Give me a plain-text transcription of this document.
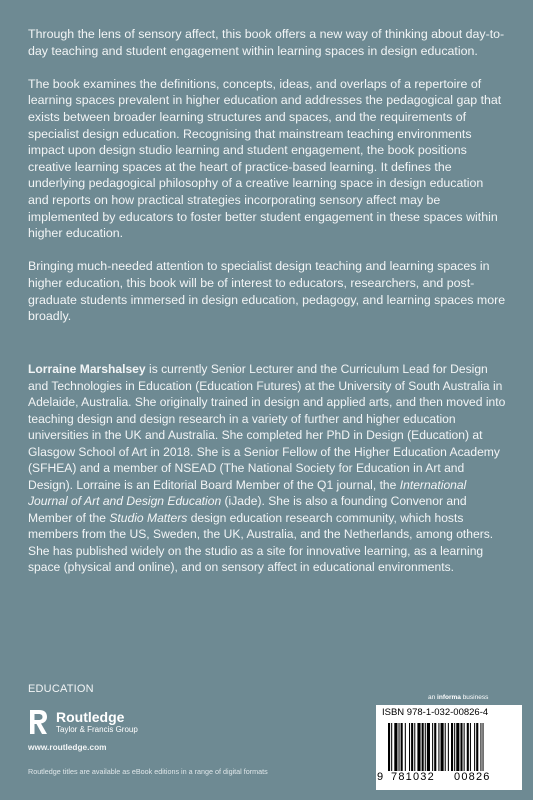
Through the lens of sensory affect, this book offers a new way of thinking about day-to-day teaching and student engagement within learning spaces in design education.

The book examines the definitions, concepts, ideas, and overlaps of a repertoire of learning spaces prevalent in higher education and addresses the pedagogical gap that exists between broader learning structures and spaces, and the requirements of specialist design education. Recognising that mainstream teaching environments impact upon design studio learning and student engagement, the book positions creative learning spaces at the heart of practice-based learning. It defines the underlying pedagogical philosophy of a creative learning space in design education and reports on how practical strategies incorporating sensory affect may be implemented by educators to foster better student engagement in these spaces within higher education.

Bringing much-needed attention to specialist design teaching and learning spaces in higher education, this book will be of interest to educators, researchers, and post-graduate students immersed in design education, pedagogy, and learning spaces more broadly.

Lorraine Marshalsey is currently Senior Lecturer and the Curriculum Lead for Design and Technologies in Education (Education Futures) at the University of South Australia in Adelaide, Australia. She originally trained in design and applied arts, and then moved into teaching design and design research in a variety of further and higher education universities in the UK and Australia. She completed her PhD in Design (Education) at Glasgow School of Art in 2018. She is a Senior Fellow of the Higher Education Academy (SFHEA) and a member of NSEAD (The National Society for Education in Art and Design). Lorraine is an Editorial Board Member of the Q1 journal, the International Journal of Art and Design Education (iJade). She is also a founding Convenor and Member of the Studio Matters design education research community, which hosts members from the US, Sweden, the UK, Australia, and the Netherlands, among others. She has published widely on the studio as a site for innovative learning, as a learning space (physical and online), and on sensory affect in educational environments.
EDUCATION
Routledge
Taylor & Francis Group
www.routledge.com
Routledge titles are available as eBook editions in a range of digital formats
an informa business
ISBN 978-1-032-00826-4
9 781032 00826
